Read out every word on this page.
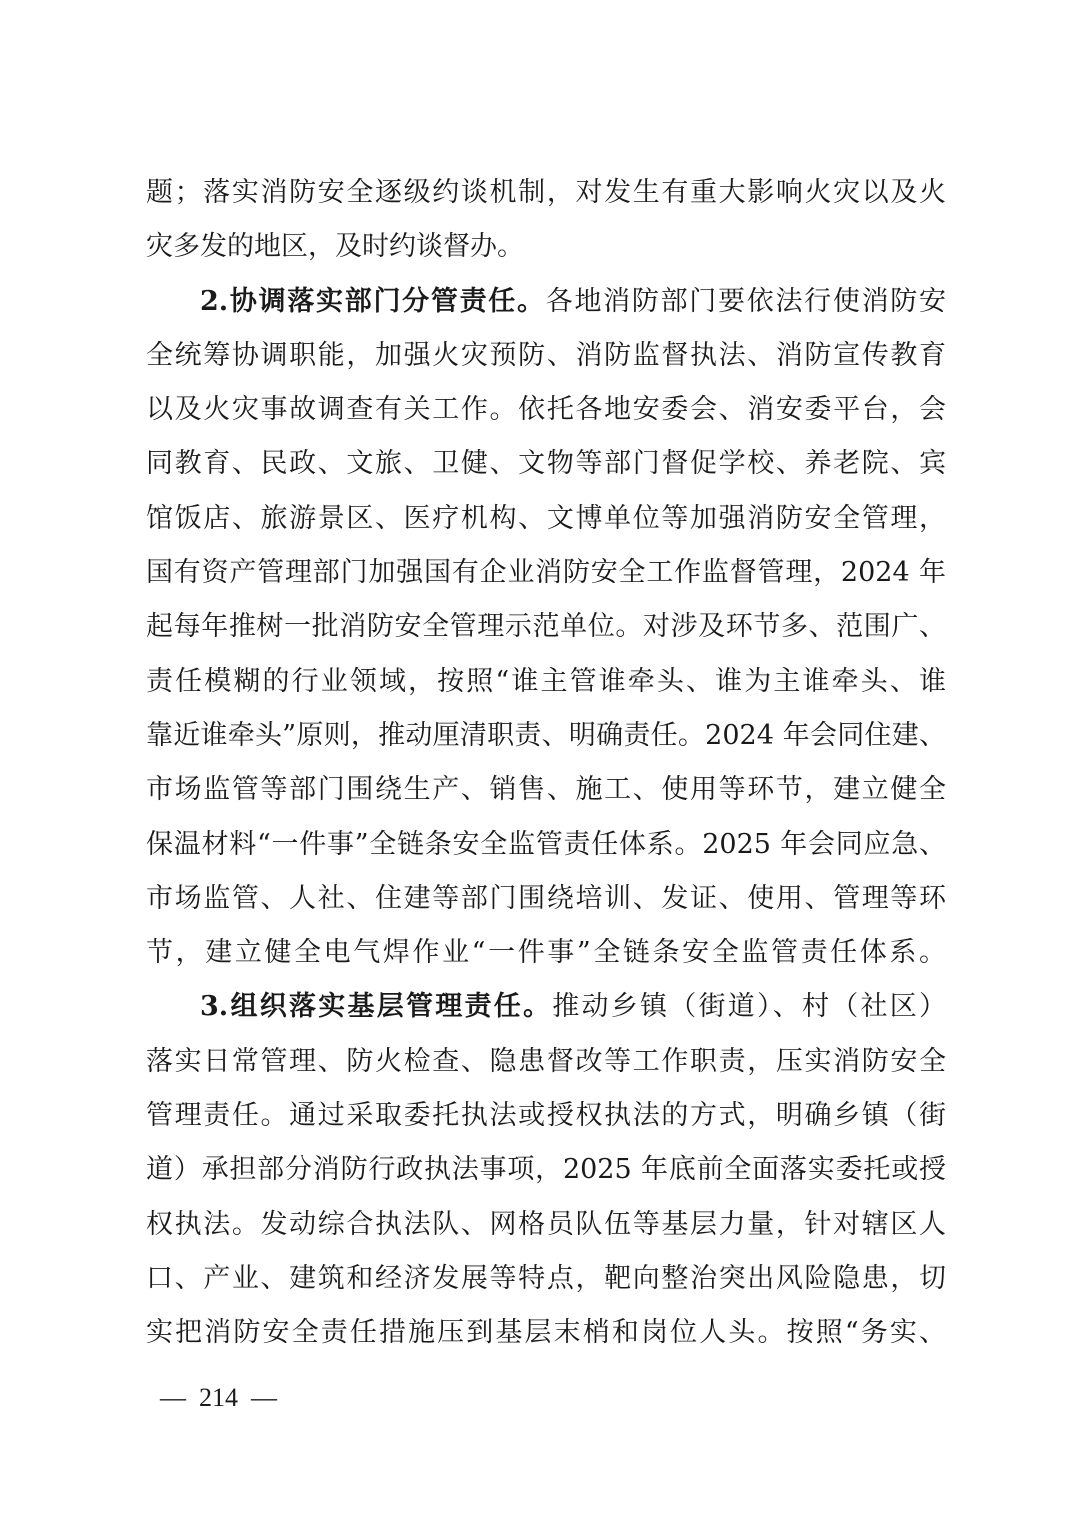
题；落实消防安全逐级约谈机制，对发生有重大影响火灾以及火
灾多发的地区，及时约谈督办。
2.协调落实部门分管责任。各地消防部门要依法行使消防安
全统筹协调职能，加强火灾预防、消防监督执法、消防宣传教育
以及火灾事故调查有关工作。依托各地安委会、消安委平台，会
同教育、民政、文旅、卫健、文物等部门督促学校、养老院、宾
馆饭店、旅游景区、医疗机构、文博单位等加强消防安全管理，
国有资产管理部门加强国有企业消防安全工作监督管理，2024 年
起每年推树一批消防安全管理示范单位。对涉及环节多、范围广、
责任模糊的行业领域，按照“谁主管谁牵头、谁为主谁牵头、谁
靠近谁牵头”原则，推动厘清职责、明确责任。2024 年会同住建、
市场监管等部门围绕生产、销售、施工、使用等环节，建立健全
保温材料“一件事”全链条安全监管责任体系。2025 年会同应急、
市场监管、人社、住建等部门围绕培训、发证、使用、管理等环
节，建立健全电气焊作业“一件事”全链条安全监管责任体系。
3.组织落实基层管理责任。推动乡镇（街道）、村（社区）
落实日常管理、防火检查、隐患督改等工作职责，压实消防安全
管理责任。通过采取委托执法或授权执法的方式，明确乡镇（街
道）承担部分消防行政执法事项，2025 年底前全面落实委托或授
权执法。发动综合执法队、网格员队伍等基层力量，针对辖区人
口、产业、建筑和经济发展等特点，靶向整治突出风险隐患，切
实把消防安全责任措施压到基层末梢和岗位人头。按照“务实、
—  214  —
